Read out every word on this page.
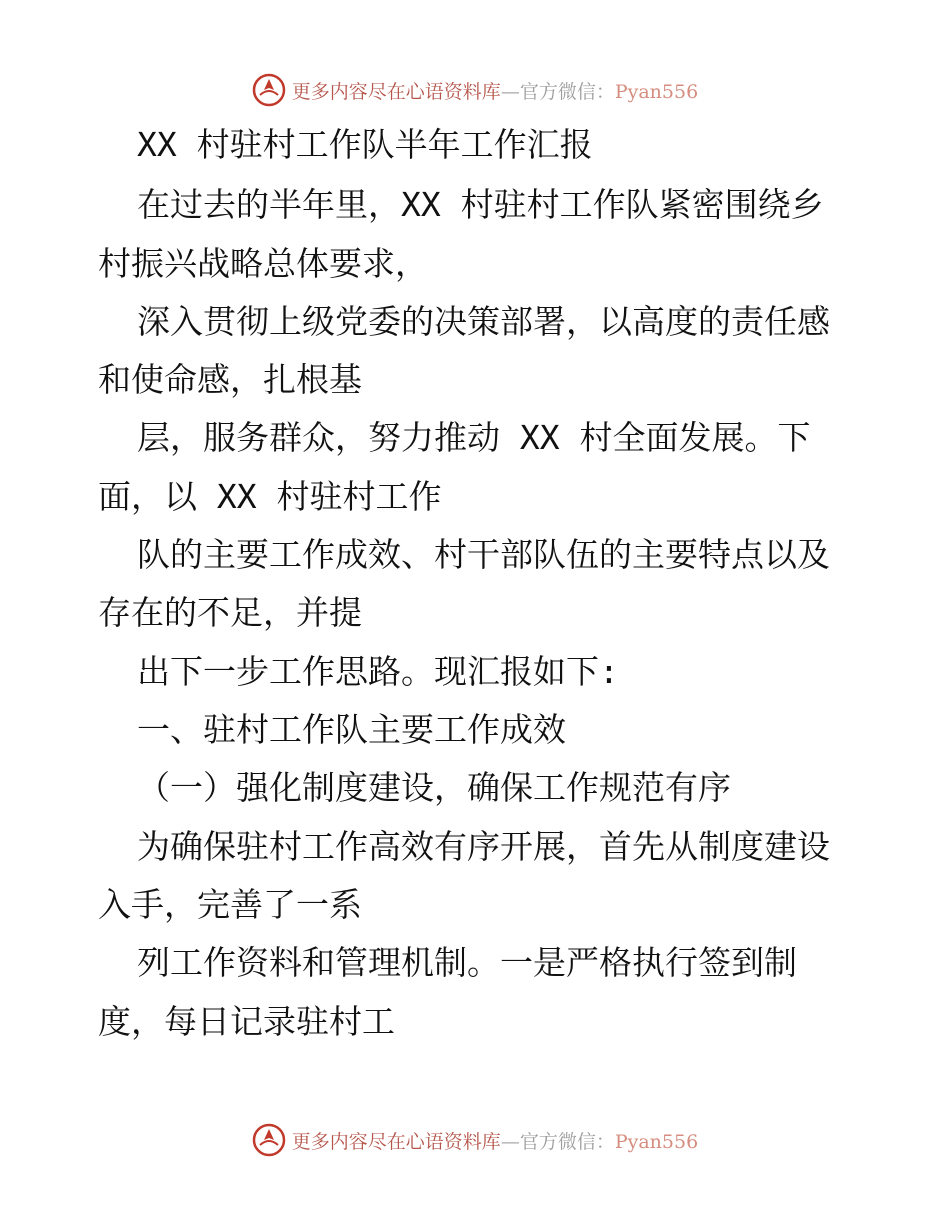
更多内容尽在心语资料库—官方微信：Pyan556
XX 村驻村工作队半年工作汇报
在过去的半年里，XX 村驻村工作队紧密围绕乡
村振兴战略总体要求，
深入贯彻上级党委的决策部署，以高度的责任感
和使命感，扎根基
层，服务群众，努力推动 XX 村全面发展。下
面，以 XX 村驻村工作
队的主要工作成效、村干部队伍的主要特点以及
存在的不足，并提
出下一步工作思路。现汇报如下:
一、驻村工作队主要工作成效
（一）强化制度建设，确保工作规范有序
为确保驻村工作高效有序开展，首先从制度建设
入手，完善了一系
列工作资料和管理机制。一是严格执行签到制
度，每日记录驻村工
更多内容尽在心语资料库—官方微信：Pyan556
